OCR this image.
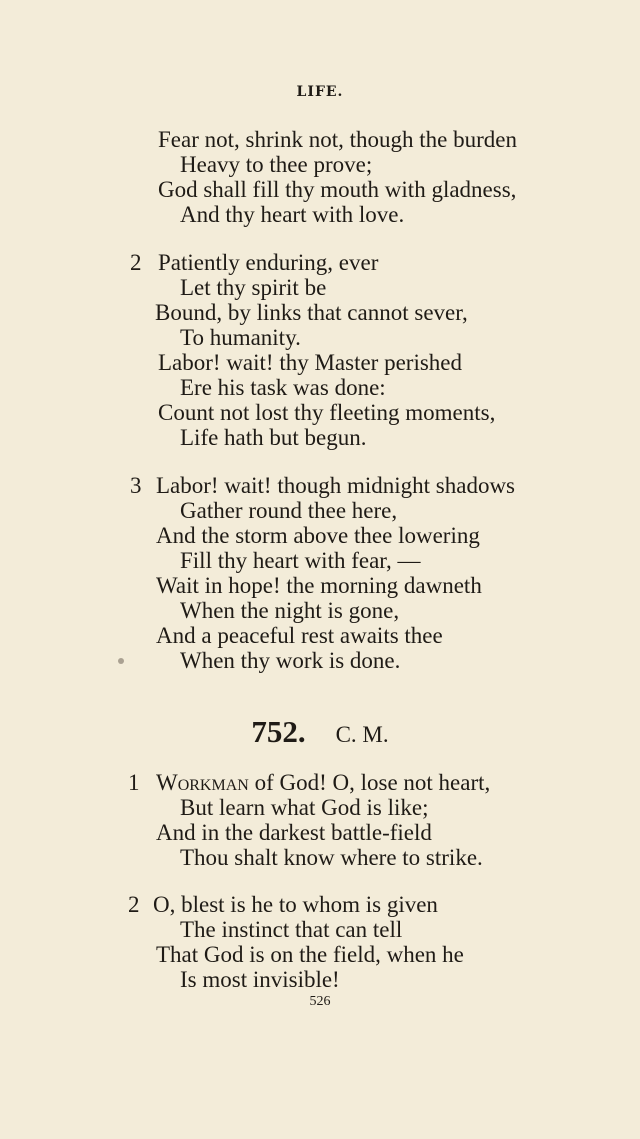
LIFE.
Fear not, shrink not, though the burden
Heavy to thee prove;
God shall fill thy mouth with gladness,
And thy heart with love.
2 Patiently enduring, ever
Let thy spirit be
Bound, by links that cannot sever,
To humanity.
Labor! wait! thy Master perished
Ere his task was done:
Count not lost thy fleeting moments,
Life hath but begun.
3 Labor! wait! though midnight shadows
Gather round thee here,
And the storm above thee lowering
Fill thy heart with fear, —
Wait in hope! the morning dawneth
When the night is gone,
And a peaceful rest awaits thee
When thy work is done.
752. C. M.
1 Workman of God! O, lose not heart,
But learn what God is like;
And in the darkest battle-field
Thou shalt know where to strike.
2 O, blest is he to whom is given
The instinct that can tell
That God is on the field, when he
Is most invisible!
526
